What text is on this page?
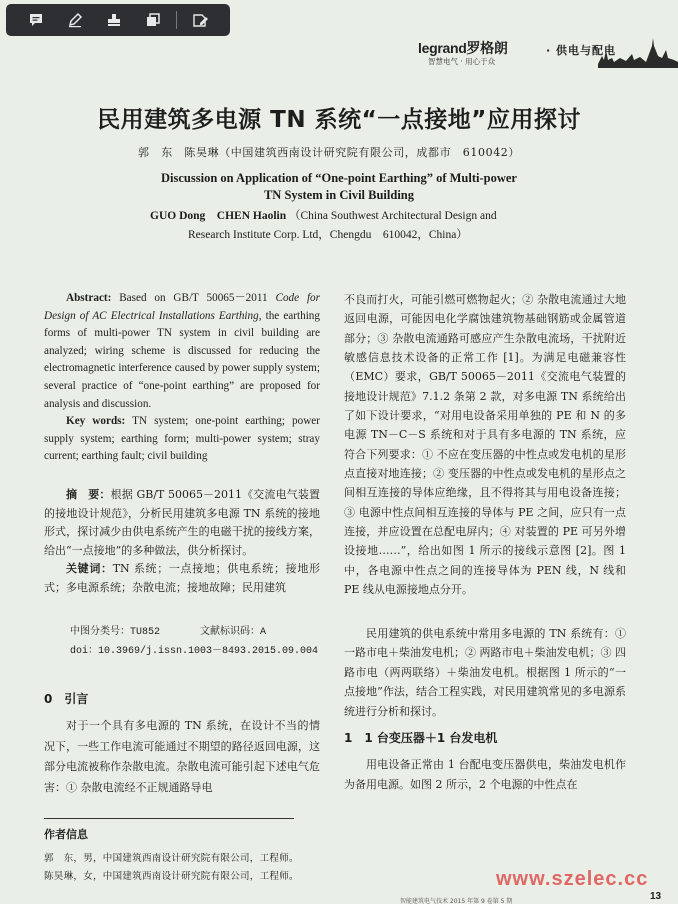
legrand罗格朗
智慧电气 · 用心于众
· 供电与配电
民用建筑多电源 TN 系统“一点接地”应用探讨
郭　东　陈昊琳（中国建筑西南设计研究院有限公司，成都市　610042）
Discussion on Application of “One-point Earthing” of Multi-power
TN System in Civil Building
GUO Dong　CHEN Haolin （China Southwest Architectural Design and
Research Institute Corp. Ltd，Chengdu　610042，China）
Abstract: Based on GB/T 50065－2011 Code for Design of AC Electrical Installations Earthing, the earthing forms of multi-power TN system in civil building are analyzed; wiring scheme is discussed for reducing the electromagnetic interference caused by power supply system; several practice of “one-point earthing” are proposed for analysis and discussion.
Key words: TN system; one-point earthing; power supply system; earthing form; multi-power system; stray current; earthing fault; civil building
摘　要：根据 GB/T 50065－2011《交流电气装置的接地设计规范》，分析民用建筑多电源 TN 系统的接地形式，探讨减少由供电系统产生的电磁干扰的接线方案，给出“一点接地”的多种做法，供分析探讨。
关键词：TN 系统；一点接地；供电系统；接地形式；多电源系统；杂散电流；接地故障；民用建筑
中图分类号：TU852　　　　文献标识码：A
doi：10.3969/j.issn.1003－8493.2015.09.004
0　引言
对于一个具有多电源的 TN 系统，在设计不当的情况下，一些工作电流可能通过不期望的路径返回电源，这部分电流被称作杂散电流。杂散电流可能引起下述电气危害：① 杂散电流经不正规通路导电
不良而打火，可能引燃可燃物起火；② 杂散电流通过大地返回电源，可能因电化学腐蚀建筑物基础钢筋或金属管道部分；③ 杂散电流通路可感应产生杂散电流场，干扰附近敏感信息技术设备的正常工作 [1]。为满足电磁兼容性（EMC）要求，GB/T 50065－2011《交流电气装置的接地设计规范》7.1.2 条第 2 款，对多电源 TN 系统给出了如下设计要求，“对用电设备采用单独的 PE 和 N 的多电源 TN－C－S 系统和对于具有多电源的 TN 系统，应符合下列要求：① 不应在变压器的中性点或发电机的星形点直接对地连接；② 变压器的中性点或发电机的星形点之间相互连接的导体应绝缘，且不得将其与用电设备连接；③ 电源中性点间相互连接的导体与 PE 之间，应只有一点连接，并应设置在总配电屏内；④ 对装置的 PE 可另外增设接地……”，给出如图 1 所示的接线示意图 [2]。图 1 中，各电源中性点之间的连接导体为 PEN 线，N 线和 PE 线从电源接地点分开。
民用建筑的供电系统中常用多电源的 TN 系统有：① 一路市电＋柴油发电机；② 两路市电＋柴油发电机；③ 四路市电（两两联络）＋柴油发电机。根据图 1 所示的“一点接地”作法，结合工程实践，对民用建筑常见的多电源系统进行分析和探讨。
1　1 台变压器＋1 台发电机
用电设备正常由 1 台配电变压器供电，柴油发电机作为备用电源。如图 2 所示，2 个电源的中性点在
作者信息
郭　东，男，中国建筑西南设计研究院有限公司，工程师。
陈昊琳，女，中国建筑西南设计研究院有限公司，工程师。	www.szelec.cc
13
智能建筑电气技术 2015 年第 9 卷第 5 期
